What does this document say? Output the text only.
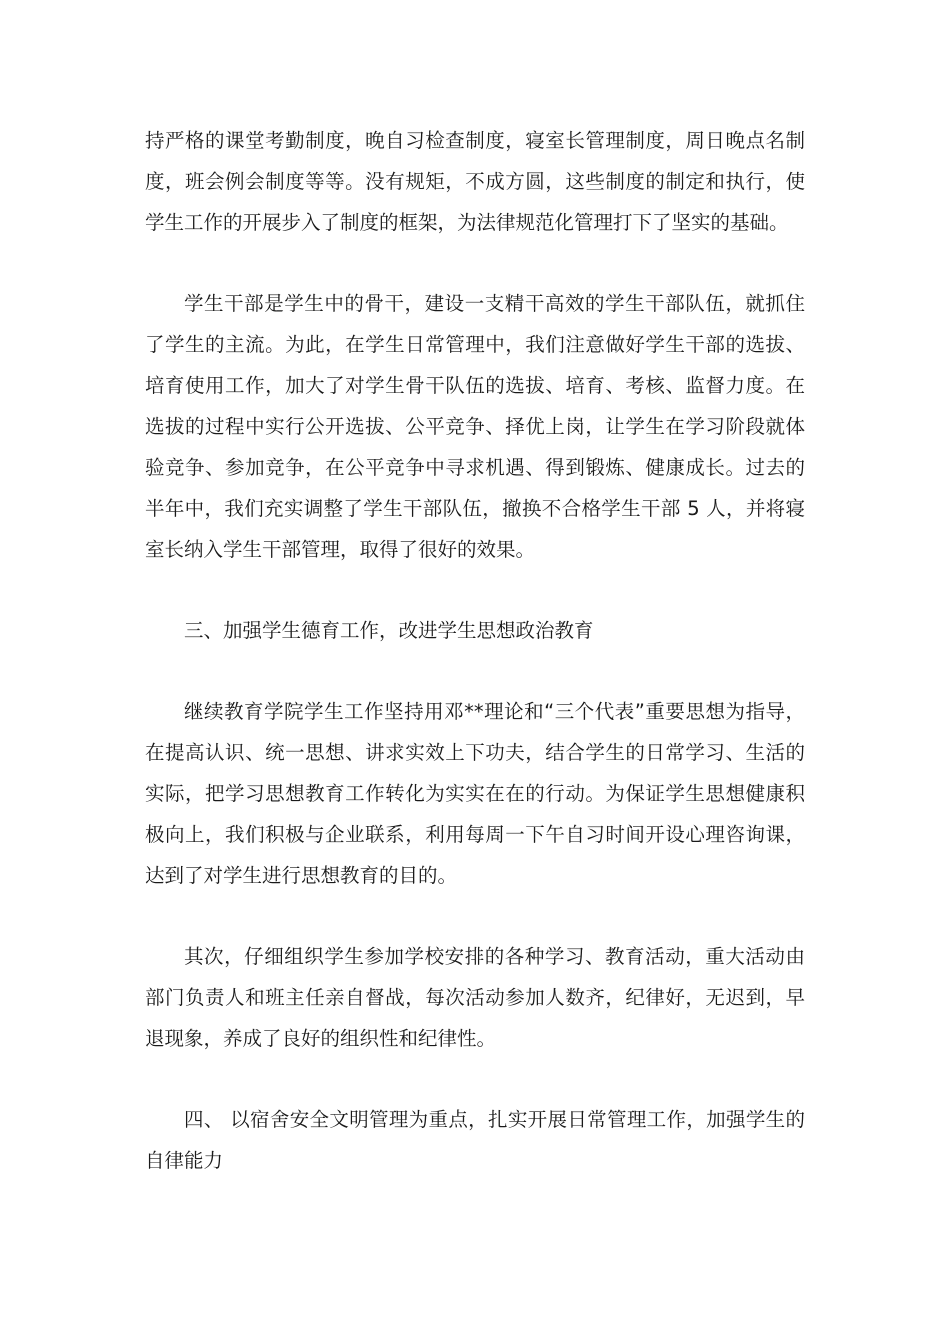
持严格的课堂考勤制度，晚自习检查制度，寝室长管理制度，周日晚点名制度，班会例会制度等等。没有规矩，不成方圆，这些制度的制定和执行，使学生工作的开展步入了制度的框架，为法律规范化管理打下了坚实的基础。

学生干部是学生中的骨干，建设一支精干高效的学生干部队伍，就抓住了学生的主流。为此，在学生日常管理中，我们注意做好学生干部的选拔、培育使用工作，加大了对学生骨干队伍的选拔、培育、考核、监督力度。在选拔的过程中实行公开选拔、公平竞争、择优上岗，让学生在学习阶段就体验竞争、参加竞争，在公平竞争中寻求机遇、得到锻炼、健康成长。过去的半年中，我们充实调整了学生干部队伍，撤换不合格学生干部 5 人，并将寝室长纳入学生干部管理，取得了很好的效果。

三、加强学生德育工作，改进学生思想政治教育

继续教育学院学生工作坚持用邓**理论和“三个代表”重要思想为指导，在提高认识、统一思想、讲求实效上下功夫，结合学生的日常学习、生活的实际，把学习思想教育工作转化为实实在在的行动。为保证学生思想健康积极向上，我们积极与企业联系，利用每周一下午自习时间开设心理咨询课，达到了对学生进行思想教育的目的。

其次，仔细组织学生参加学校安排的各种学习、教育活动，重大活动由部门负责人和班主任亲自督战，每次活动参加人数齐，纪律好，无迟到，早退现象，养成了良好的组织性和纪律性。

四、 以宿舍安全文明管理为重点，扎实开展日常管理工作，加强学生的自律能力
